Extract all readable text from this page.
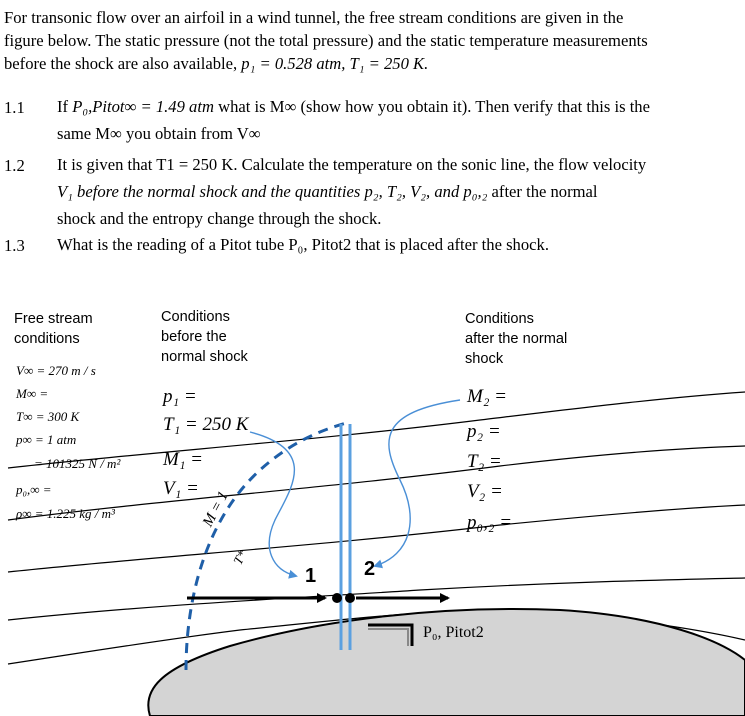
For transonic flow over an airfoil in a wind tunnel, the free stream conditions are given in the
figure below. The static pressure (not the total pressure) and the static temperature measurements
before the shock are also available, p₁ = 0.528 atm, T₁ = 250 K.
1.1 If P₀,Pitot∞ = 1.49 atm what is M∞ (show how you obtain it). Then verify that this is the
same M∞ you obtain from V∞
1.2 It is given that T1 = 250 K. Calculate the temperature on the sonic line, the flow velocity
V₁ before the normal shock and the quantities p₂, T₂, V₂, and p₀,₂ after the normal
shock and the entropy change through the shock.
1.3 What is the reading of a Pitot tube P₀, Pitot2 that is placed after the shock.
Free stream
conditions
Conditions
before the
normal shock
Conditions
after the normal
shock
V∞ = 270 m / s
M∞ =
T∞ = 300 K
p∞ = 1 atm
= 101325 N / m²
p₀,∞ =
ρ∞ = 1.225 kg / m³
p₁ =
T₁ = 250 K
M₁ =
V₁ =
M₂ =
p₂ =
T₂ =
V₂ =
p₀,₂ =
M = 1
T*
1 2
P₀, Pitot2
